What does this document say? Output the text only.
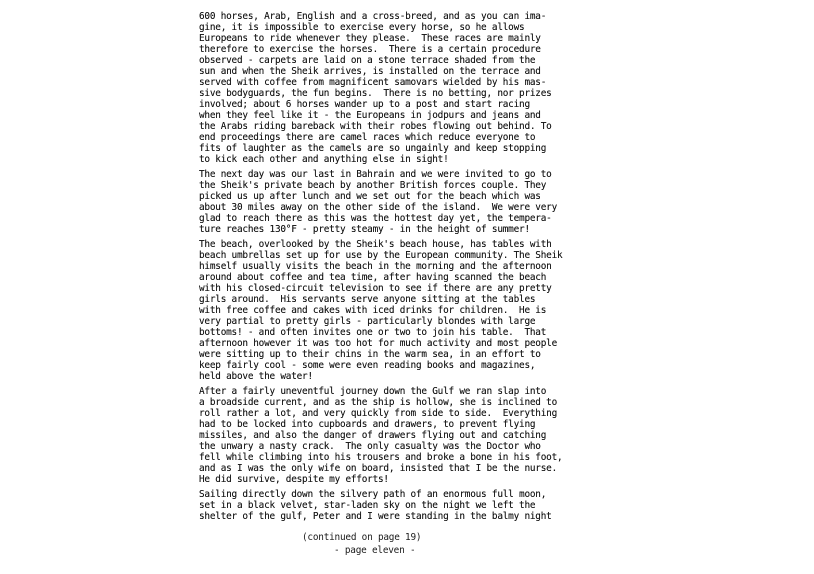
600 horses, Arab, English and a cross-breed, and as you can ima-
gine, it is impossible to exercise every horse, so he allows
Europeans to ride whenever they please.  These races are mainly
therefore to exercise the horses.  There is a certain procedure
observed - carpets are laid on a stone terrace shaded from the
sun and when the Sheik arrives, is installed on the terrace and
served with coffee from magnificent samovars wielded by his mas-
sive bodyguards, the fun begins.  There is no betting, nor prizes
involved; about 6 horses wander up to a post and start racing
when they feel like it - the Europeans in jodpurs and jeans and
the Arabs riding bareback with their robes flowing out behind. To
end proceedings there are camel races which reduce everyone to
fits of laughter as the camels are so ungainly and keep stopping
to kick each other and anything else in sight!
The next day was our last in Bahrain and we were invited to go to
the Sheik's private beach by another British forces couple. They
picked us up after lunch and we set out for the beach which was
about 30 miles away on the other side of the island.  We were very
glad to reach there as this was the hottest day yet, the tempera-
ture reaches 130°F - pretty steamy - in the height of summer!
The beach, overlooked by the Sheik's beach house, has tables with
beach umbrellas set up for use by the European community. The Sheik
himself usually visits the beach in the morning and the afternoon
around about coffee and tea time, after having scanned the beach
with his closed-circuit television to see if there are any pretty
girls around.  His servants serve anyone sitting at the tables
with free coffee and cakes with iced drinks for children.  He is
very partial to pretty girls - particularly blondes with large
bottoms! - and often invites one or two to join his table.  That
afternoon however it was too hot for much activity and most people
were sitting up to their chins in the warm sea, in an effort to
keep fairly cool - some were even reading books and magazines,
held above the water!
After a fairly uneventful journey down the Gulf we ran slap into
a broadside current, and as the ship is hollow, she is inclined to
roll rather a lot, and very quickly from side to side.  Everything
had to be locked into cupboards and drawers, to prevent flying
missiles, and also the danger of drawers flying out and catching
the unwary a nasty crack.  The only casualty was the Doctor who
fell while climbing into his trousers and broke a bone in his foot,
and as I was the only wife on board, insisted that I be the nurse.
He did survive, despite my efforts!
Sailing directly down the silvery path of an enormous full moon,
set in a black velvet, star-laden sky on the night we left the
shelter of the gulf, Peter and I were standing in the balmy night
(continued on page 19)
- page eleven -
